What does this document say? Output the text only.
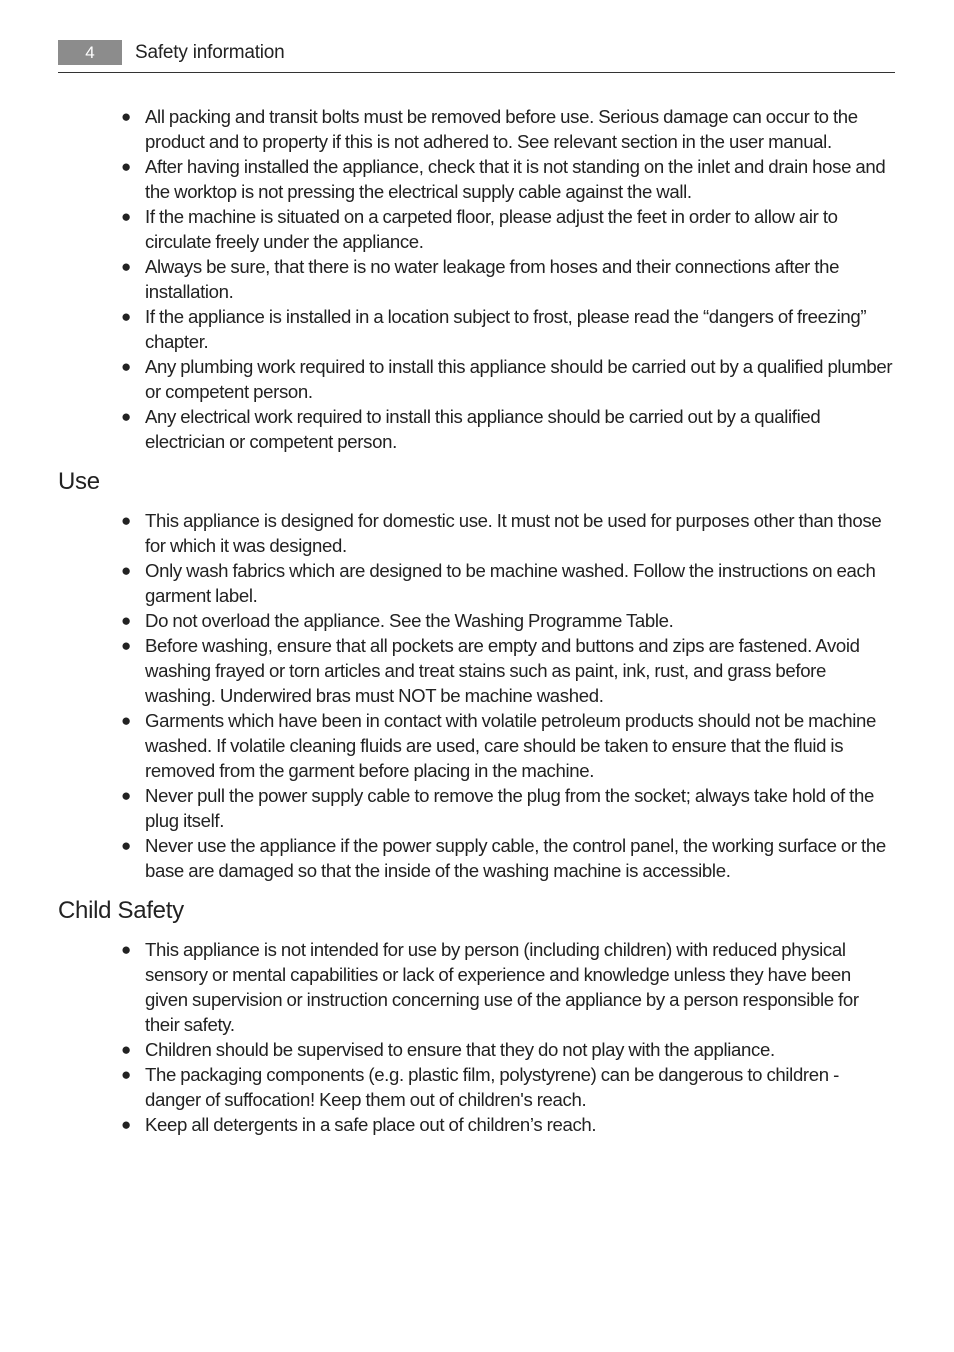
4	Safety information
● All packing and transit bolts must be removed before use. Serious damage can occur to the product and to property if this is not adhered to. See relevant section in the user manual.
● After having installed the appliance, check that it is not standing on the inlet and drain hose and the worktop is not pressing the electrical supply cable against the wall.
● If the machine is situated on a carpeted floor, please adjust the feet in order to allow air to circulate freely under the appliance.
● Always be sure, that there is no water leakage from hoses and their connections after the installation.
● If the appliance is installed in a location subject to frost, please read the “dangers of freezing” chapter.
● Any plumbing work required to install this appliance should be carried out by a qualified plumber or competent person.
● Any electrical work required to install this appliance should be carried out by a qualified electrician or competent person.
Use
● This appliance is designed for domestic use. It must not be used for purposes other than those for which it was designed.
● Only wash fabrics which are designed to be machine washed. Follow the instructions on each garment label.
● Do not overload the appliance. See the Washing Programme Table.
● Before washing, ensure that all pockets are empty and buttons and zips are fastened. Avoid washing frayed or torn articles and treat stains such as paint, ink, rust, and grass before washing. Underwired bras must NOT be machine washed.
● Garments which have been in contact with volatile petroleum products should not be machine washed. If volatile cleaning fluids are used, care should be taken to ensure that the fluid is removed from the garment before placing in the machine.
● Never pull the power supply cable to remove the plug from the socket; always take hold of the plug itself.
● Never use the appliance if the power supply cable, the control panel, the working surface or the base are damaged so that the inside of the washing machine is accessible.
Child Safety
● This appliance is not intended for use by person (including children) with reduced physical sensory or mental capabilities or lack of experience and knowledge unless they have been given supervision or instruction concerning use of the appliance by a person responsible for their safety.
● Children should be supervised to ensure that they do not play with the appliance.
● The packaging components (e.g. plastic film, polystyrene) can be dangerous to children - danger of suffocation! Keep them out of children's reach.
● Keep all detergents in a safe place out of children’s reach.
